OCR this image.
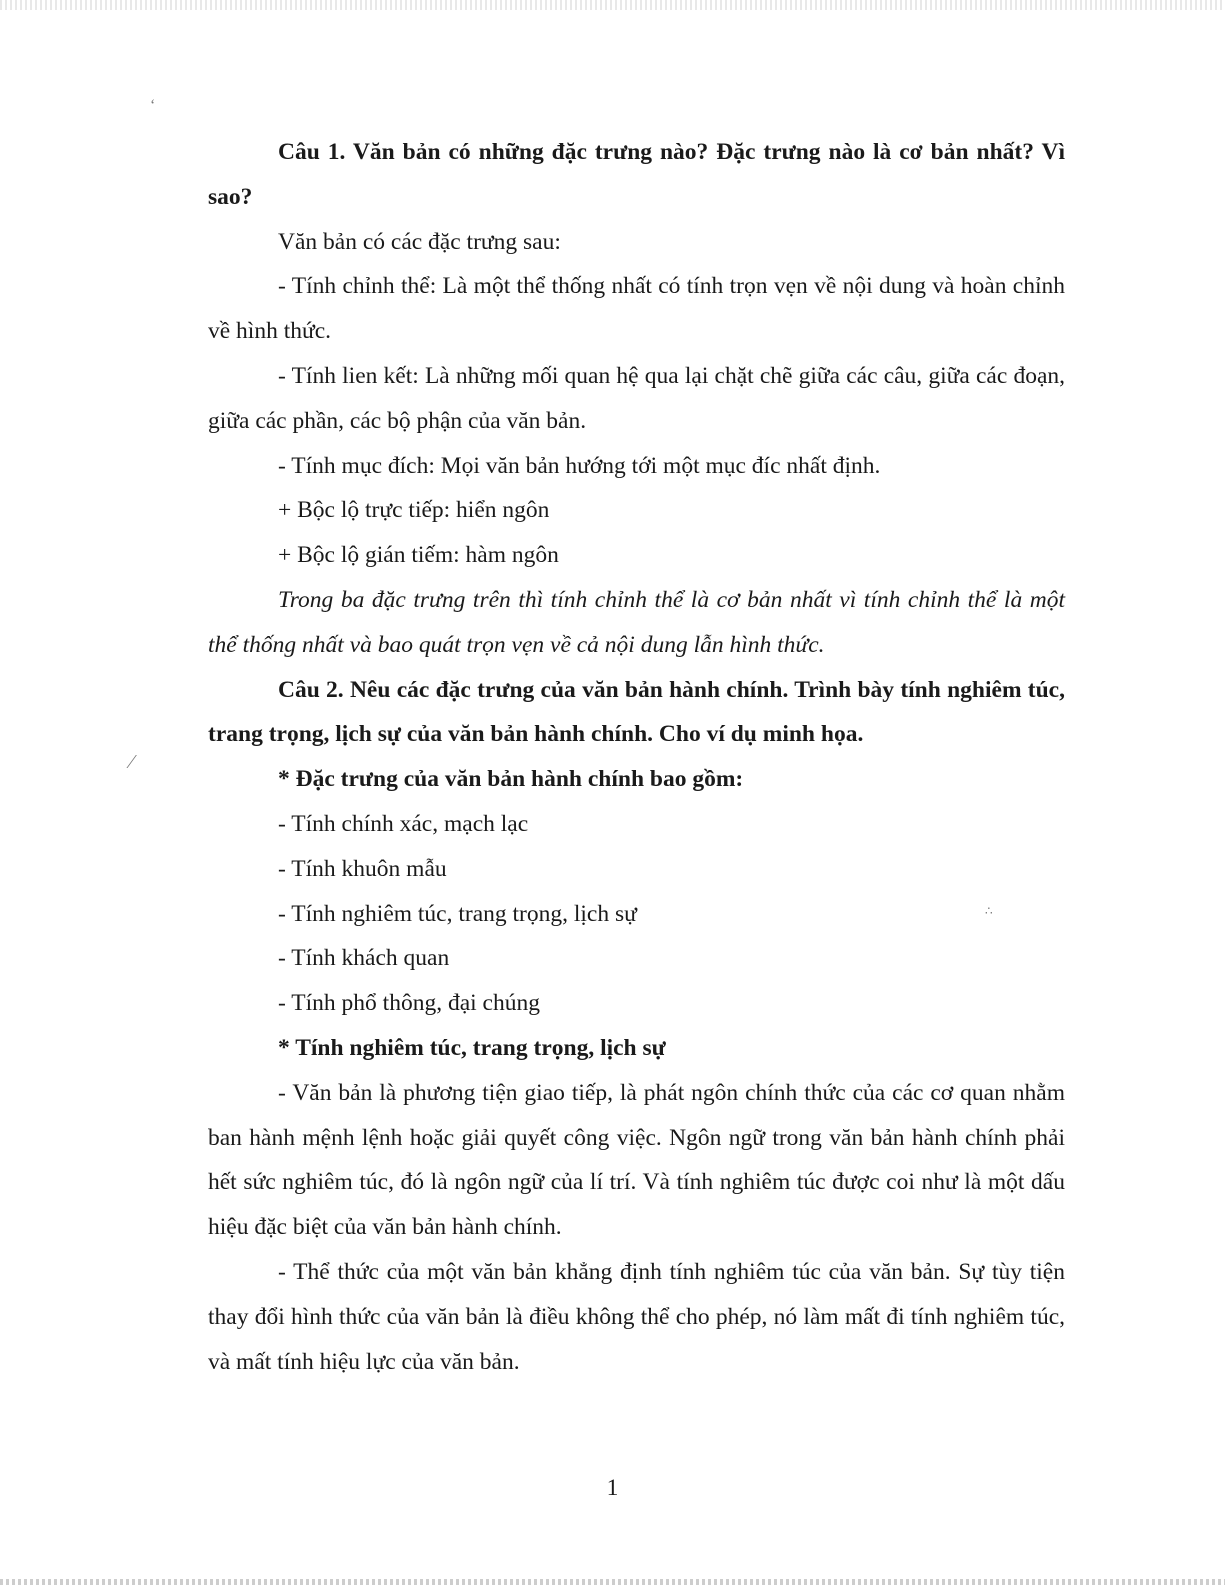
Câu 1. Văn bản có những đặc trưng nào? Đặc trưng nào là cơ bản nhất? Vì sao?

Văn bản có các đặc trưng sau:

- Tính chỉnh thể: Là một thể thống nhất có tính trọn vẹn về nội dung và hoàn chỉnh về hình thức.

- Tính lien kết: Là những mối quan hệ qua lại chặt chẽ giữa các câu, giữa các đoạn, giữa các phần, các bộ phận của văn bản.

- Tính mục đích: Mọi văn bản hướng tới một mục đíc nhất định.

+ Bộc lộ trực tiếp: hiển ngôn

+ Bộc lộ gián tiếm: hàm ngôn

Trong ba đặc trưng trên thì tính chỉnh thể là cơ bản nhất vì tính chỉnh thể là một thể thống nhất và bao quát trọn vẹn về cả nội dung lẫn hình thức.

Câu 2. Nêu các đặc trưng của văn bản hành chính. Trình bày tính nghiêm túc, trang trọng, lịch sự của văn bản hành chính. Cho ví dụ minh họa.

* Đặc trưng của văn bản hành chính bao gồm:

- Tính chính xác, mạch lạc

- Tính khuôn mẫu

- Tính nghiêm túc, trang trọng, lịch sự

- Tính khách quan

- Tính phổ thông, đại chúng

* Tính nghiêm túc, trang trọng, lịch sự

- Văn bản là phương tiện giao tiếp, là phát ngôn chính thức của các cơ quan nhằm ban hành mệnh lệnh hoặc giải quyết công việc. Ngôn ngữ trong văn bản hành chính phải hết sức nghiêm túc, đó là ngôn ngữ của lí trí. Và tính nghiêm túc được coi như là một dấu hiệu đặc biệt của văn bản hành chính.

- Thể thức của một văn bản khẳng định tính nghiêm túc của văn bản. Sự tùy tiện thay đổi hình thức của văn bản là điều không thể cho phép, nó làm mất đi tính nghiêm túc, và mất tính hiệu lực của văn bản.

1
ʻ
⁄
∴
